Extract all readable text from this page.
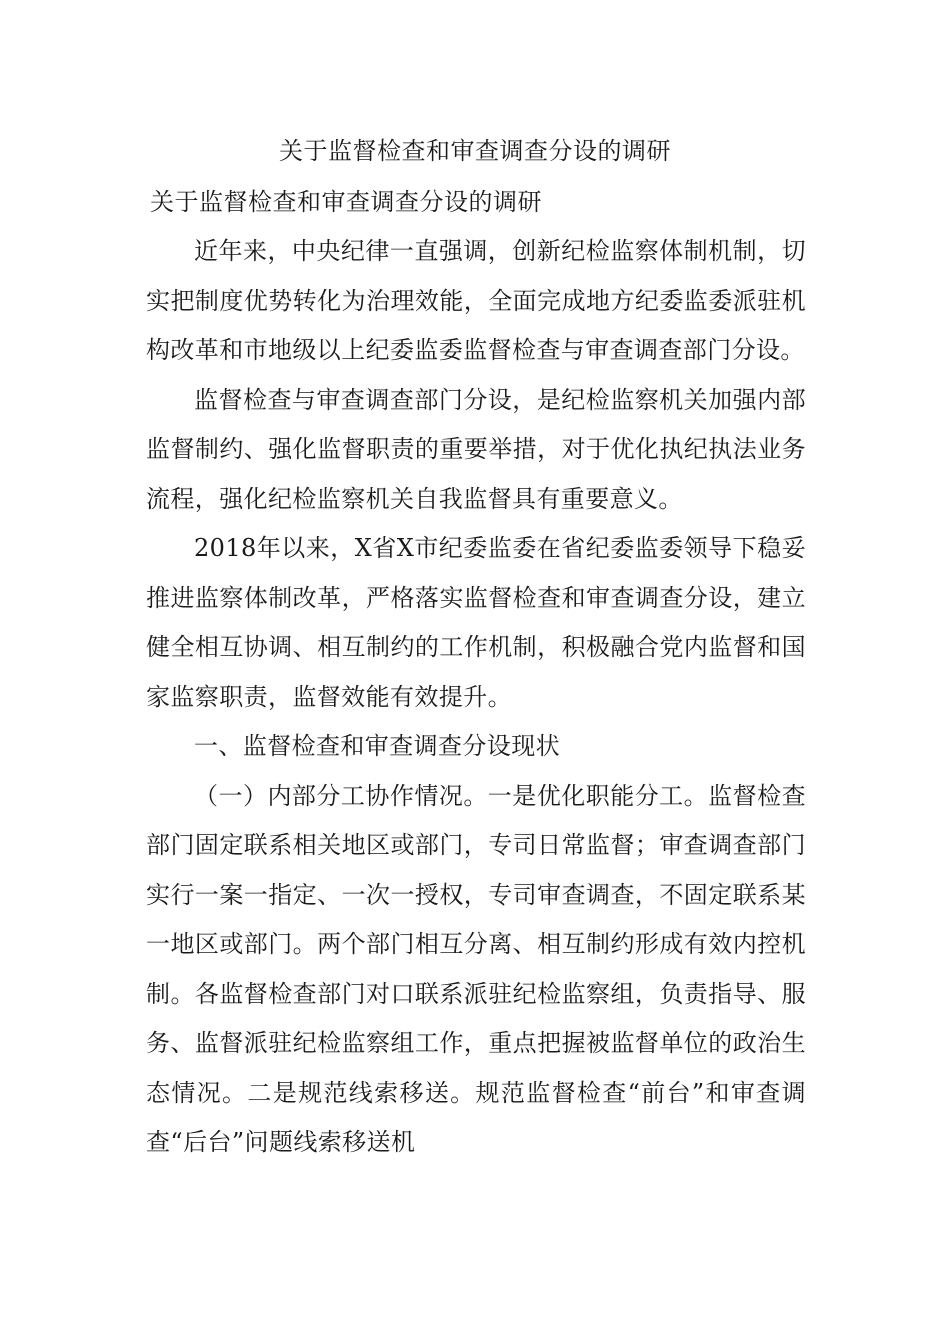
关于监督检查和审查调查分设的调研
关于监督检查和审查调查分设的调研

近年来，中央纪律一直强调，创新纪检监察体制机制，切实把制度优势转化为治理效能，全面完成地方纪委监委派驻机构改革和市地级以上纪委监委监督检查与审查调查部门分设。

监督检查与审查调查部门分设，是纪检监察机关加强内部监督制约、强化监督职责的重要举措，对于优化执纪执法业务流程，强化纪检监察机关自我监督具有重要意义。

2018年以来，X省X市纪委监委在省纪委监委领导下稳妥推进监察体制改革，严格落实监督检查和审查调查分设，建立健全相互协调、相互制约的工作机制，积极融合党内监督和国家监察职责，监督效能有效提升。

一、监督检查和审查调查分设现状

（一）内部分工协作情况。一是优化职能分工。监督检查部门固定联系相关地区或部门，专司日常监督；审查调查部门实行一案一指定、一次一授权，专司审查调查，不固定联系某一地区或部门。两个部门相互分离、相互制约形成有效内控机制。各监督检查部门对口联系派驻纪检监察组，负责指导、服务、监督派驻纪检监察组工作，重点把握被监督单位的政治生态情况。二是规范线索移送。规范监督检查“前台”和审查调查“后台”问题线索移送机
